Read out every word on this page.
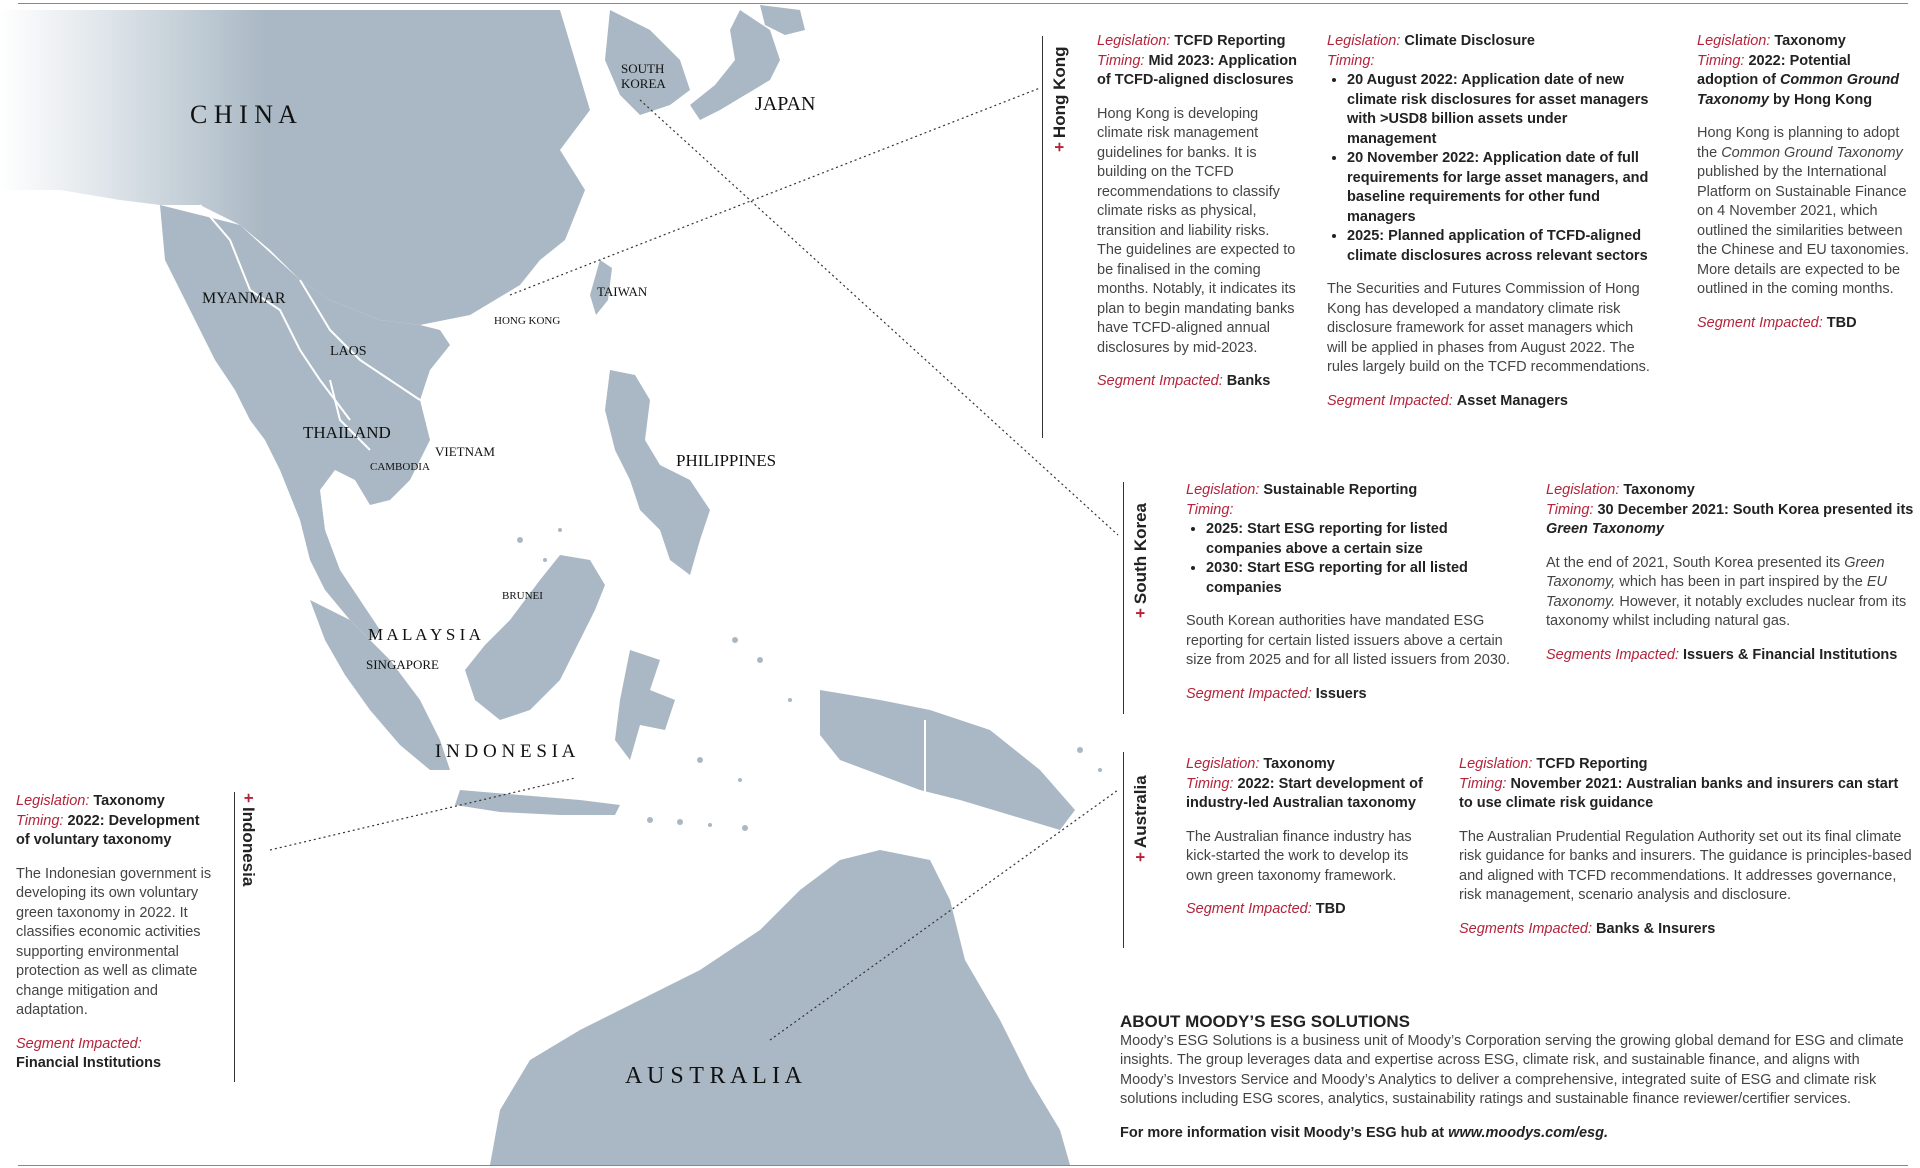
C H I N A	JAPAN
SOUTH
KOREA
MYANMAR
LAOS
THAILAND
VIETNAM
CAMBODIA
HONG KONG
TAIWAN
PHILIPPINES
BRUNEI
M A L A Y S I A
SINGAPORE
I N D O N E S I A
A U S T R A L I A
+Hong Kong

Legislation: TCFD Reporting

Timing: Mid 2023: Application of TCFD-aligned disclosures

Hong Kong is developing climate risk management guidelines for banks. It is building on the TCFD recommendations to classify climate risks as physical, transition and liability risks. The guidelines are expected to be finalised in the coming months. Notably, it indicates its plan to begin mandating banks have TCFD-aligned annual disclosures by mid-2023.

Segment Impacted: Banks

Legislation: Climate Disclosure

Timing:

• 20 August 2022: Application date of new climate risk disclosures for asset managers with >USD8 billion assets under management
• 20 November 2022: Application date of full requirements for large asset managers, and baseline requirements for other fund managers
• 2025: Planned application of TCFD-aligned climate disclosures across relevant sectors

The Securities and Futures Commission of Hong Kong has developed a mandatory climate risk disclosure framework for asset managers which will be applied in phases from August 2022. The rules largely build on the TCFD recommendations.

Segment Impacted: Asset Managers

Legislation: Taxonomy

Timing: 2022: Potential adoption of Common Ground Taxonomy by Hong Kong

Hong Kong is planning to adopt the Common Ground Taxonomy published by the International Platform on Sustainable Finance on 4 November 2021, which outlined the similarities between the Chinese and EU taxonomies. More details are expected to be outlined in the coming months.

Segment Impacted: TBD

+South Korea

Legislation: Sustainable Reporting

Timing:

• 2025: Start ESG reporting for listed companies above a certain size
• 2030: Start ESG reporting for all listed companies

South Korean authorities have mandated ESG reporting for certain listed issuers above a certain size from 2025 and for all listed issuers from 2030.

Segment Impacted: Issuers

Legislation: Taxonomy

Timing: 30 December 2021: South Korea presented its Green Taxonomy

At the end of 2021, South Korea presented its Green Taxonomy, which has been in part inspired by the EU Taxonomy. However, it notably excludes nuclear from its taxonomy whilst including natural gas.

Segments Impacted: Issuers & Financial Institutions

+Australia

Legislation: Taxonomy

Timing: 2022: Start development of industry-led Australian taxonomy

The Australian finance industry has kick-started the work to develop its own green taxonomy framework.

Segment Impacted: TBD

Legislation: TCFD Reporting

Timing: November 2021: Australian banks and insurers can start to use climate risk guidance

The Australian Prudential Regulation Authority set out its final climate risk guidance for banks and insurers. The guidance is principles-based and aligned with TCFD recommendations. It addresses governance, risk management, scenario analysis and disclosure.

Segments Impacted: Banks & Insurers

+Indonesia

Legislation: Taxonomy

Timing: 2022: Development of voluntary taxonomy

The Indonesian government is developing its own voluntary green taxonomy in 2022. It classifies economic activities supporting environmental protection as well as climate change mitigation and adaptation.

Segment Impacted:
Financial Institutions

ABOUT MOODY’S ESG SOLUTIONS

Moody’s ESG Solutions is a business unit of Moody’s Corporation serving the growing global demand for ESG and climate insights. The group leverages data and expertise across ESG, climate risk, and sustainable finance, and aligns with Moody’s Investors Service and Moody’s Analytics to deliver a comprehensive, integrated suite of ESG and climate risk solutions including ESG scores, analytics, sustainability ratings and sustainable finance reviewer/certifier services.

For more information visit Moody’s ESG hub at www.moodys.com/esg.
